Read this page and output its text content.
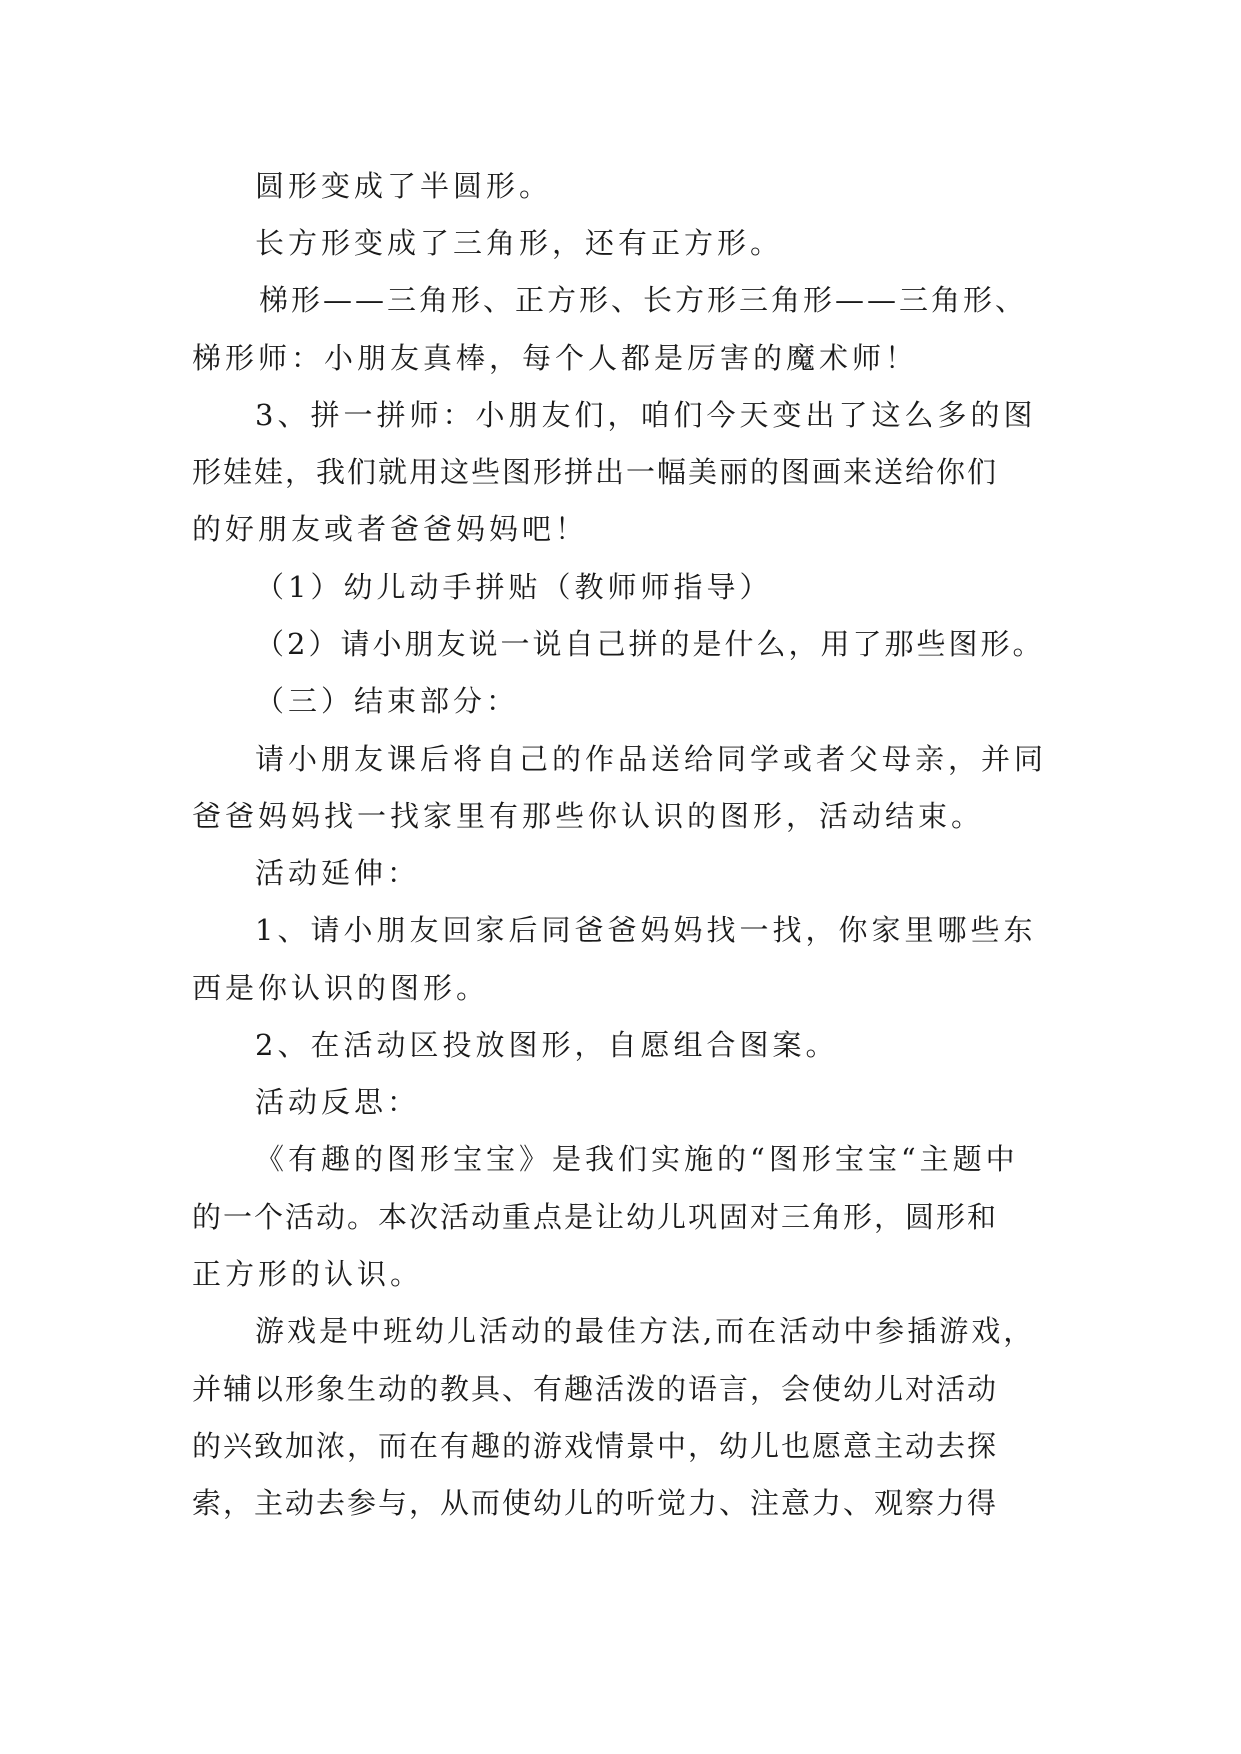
圆形变成了半圆形。
长方形变成了三角形，还有正方形。
梯形——三角形、正方形、长方形三角形——三角形、
梯形师：小朋友真棒，每个人都是厉害的魔术师！
3、拼一拼师：小朋友们，咱们今天变出了这么多的图
形娃娃，我们就用这些图形拼出一幅美丽的图画来送给你们
的好朋友或者爸爸妈妈吧！
（1）幼儿动手拼贴（教师师指导）
（2）请小朋友说一说自己拼的是什么，用了那些图形。
（三）结束部分：
请小朋友课后将自己的作品送给同学或者父母亲，并同
爸爸妈妈找一找家里有那些你认识的图形，活动结束。
活动延伸：
1、请小朋友回家后同爸爸妈妈找一找，你家里哪些东
西是你认识的图形。
2、在活动区投放图形，自愿组合图案。
活动反思：
《有趣的图形宝宝》是我们实施的“图形宝宝“主题中
的一个活动。本次活动重点是让幼儿巩固对三角形，圆形和
正方形的认识。
游戏是中班幼儿活动的最佳方法,而在活动中参插游戏，
并辅以形象生动的教具、有趣活泼的语言，会使幼儿对活动
的兴致加浓，而在有趣的游戏情景中，幼儿也愿意主动去探
索，主动去参与，从而使幼儿的听觉力、注意力、观察力得
